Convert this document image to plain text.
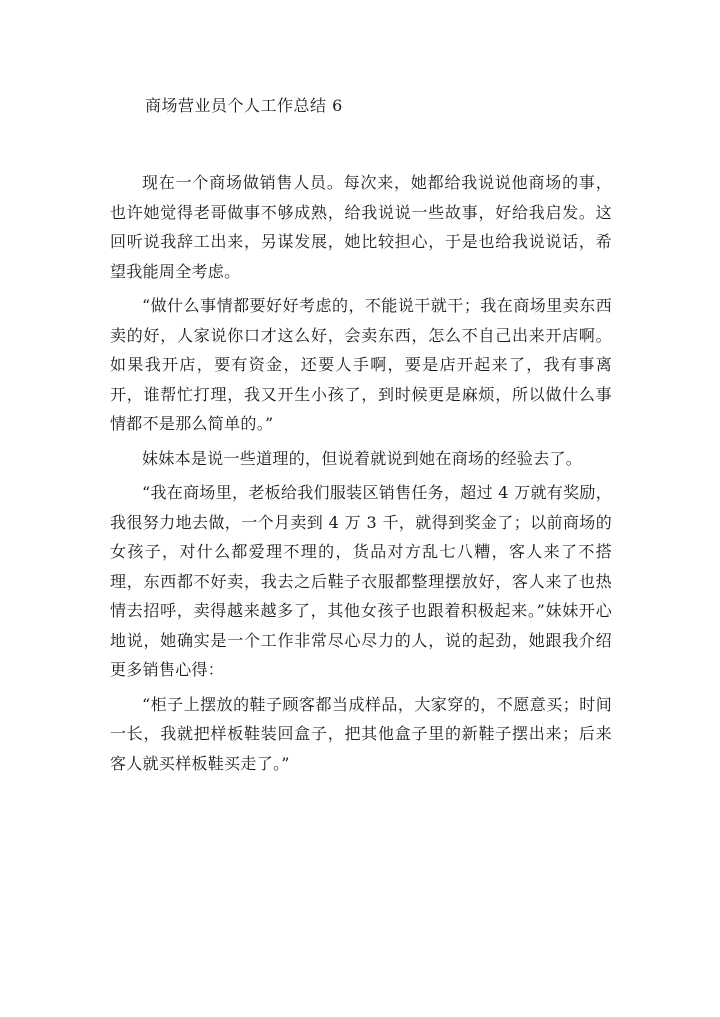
商场营业员个人工作总结 6

现在一个商场做销售人员。每次来，她都给我说说他商场的事，也许她觉得老哥做事不够成熟，给我说说一些故事，好给我启发。这回听说我辞工出来，另谋发展，她比较担心，于是也给我说说话，希望我能周全考虑。

“做什么事情都要好好考虑的，不能说干就干；我在商场里卖东西卖的好，人家说你口才这么好，会卖东西，怎么不自己出来开店啊。如果我开店，要有资金，还要人手啊，要是店开起来了，我有事离开，谁帮忙打理，我又开生小孩了，到时候更是麻烦，所以做什么事情都不是那么简单的。”

妹妹本是说一些道理的，但说着就说到她在商场的经验去了。

“我在商场里，老板给我们服装区销售任务，超过 4 万就有奖励，我很努力地去做，一个月卖到 4 万 3 千，就得到奖金了；以前商场的女孩子，对什么都爱理不理的，货品对方乱七八糟，客人来了不搭理，东西都不好卖，我去之后鞋子衣服都整理摆放好，客人来了也热情去招呼，卖得越来越多了，其他女孩子也跟着积极起来。”妹妹开心地说，她确实是一个工作非常尽心尽力的人，说的起劲，她跟我介绍更多销售心得：

“柜子上摆放的鞋子顾客都当成样品，大家穿的，不愿意买；时间一长，我就把样板鞋装回盒子，把其他盒子里的新鞋子摆出来；后来客人就买样板鞋买走了。”
